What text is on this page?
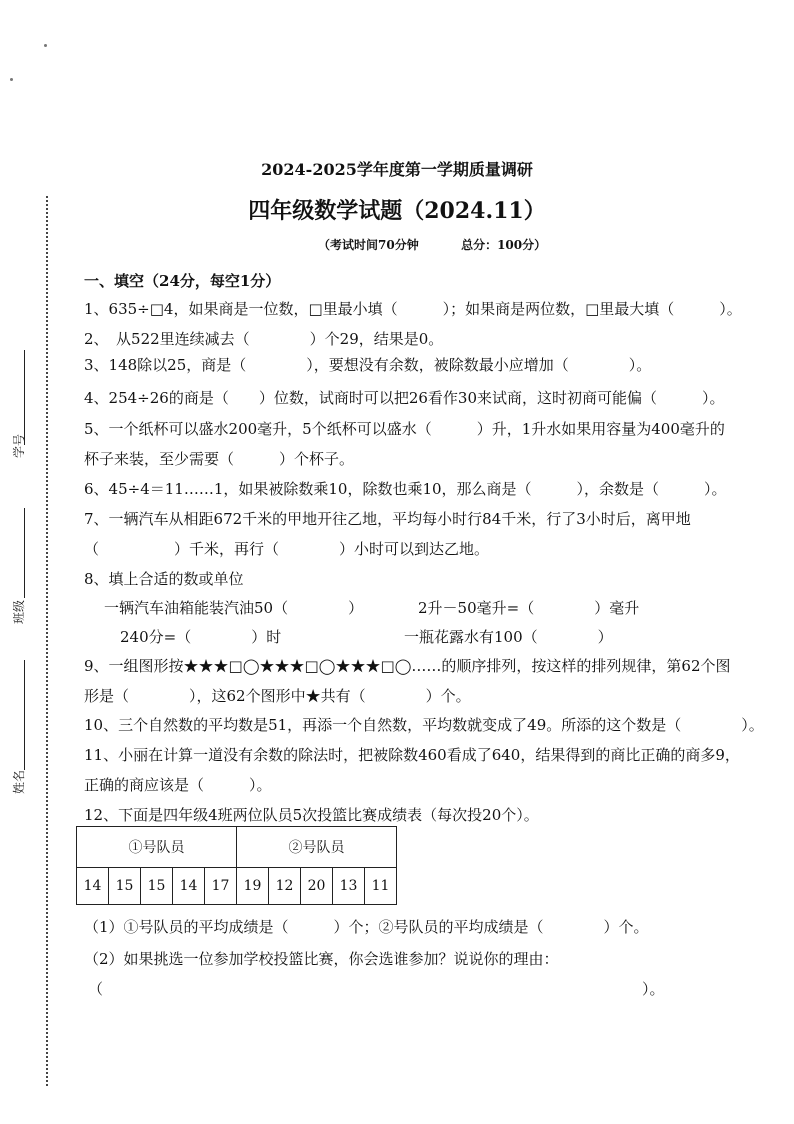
学号
班级
姓名
2024-2025学年度第一学期质量调研
四年级数学试题（2024.11）
（考试时间70分钟	总分：100分）
一、填空（24分，每空1分）
1、635÷□4，如果商是一位数，□里最小填（　　　）；如果商是两位数，□里最大填（　　　）。
2、　从522里连续减去（　　　　）个29，结果是0。
3、148除以25，商是（　　　　），要想没有余数，被除数最小应增加（　　　　）。
4、254÷26的商是（　　）位数，试商时可以把26看作30来试商，这时初商可能偏（　　　）。
5、一个纸杯可以盛水200毫升，5个纸杯可以盛水（　　　）升，1升水如果用容量为400毫升的
杯子来装，至少需要（　　　）个杯子。
6、45÷4＝11……1，如果被除数乘10，除数也乘10，那么商是（　　　），余数是（　　　）。
7、一辆汽车从相距672千米的甲地开往乙地，平均每小时行84千米，行了3小时后，离甲地
（　　　　　）千米，再行（　　　　）小时可以到达乙地。
8、填上合适的数或单位
一辆汽车油箱能装汽油50（　　　　）	2升－50毫升=（　　　　）毫升
240分=（　　　　）时	一瓶花露水有100（　　　　）
9、一组图形按★★★□◯★★★□◯★★★□◯……的顺序排列，按这样的排列规律，第62个图
形是（　　　　），这62个图形中★共有（　　　　）个。
10、三个自然数的平均数是51，再添一个自然数，平均数就变成了49。所添的这个数是（　　　　）。
11、小丽在计算一道没有余数的除法时，把被除数460看成了640，结果得到的商比正确的商多9，
正确的商应该是（　　　）。
12、下面是四年级4班两位队员5次投篮比赛成绩表（每次投20个）。
①号队员					②号队员				
14	15	15	14	17	19	12	20	13	11
（1）①号队员的平均成绩是（　　　）个；②号队员的平均成绩是（　　　　）个。
（2）如果挑选一位参加学校投篮比赛，你会选谁参加？说说你的理由：
（	）。
